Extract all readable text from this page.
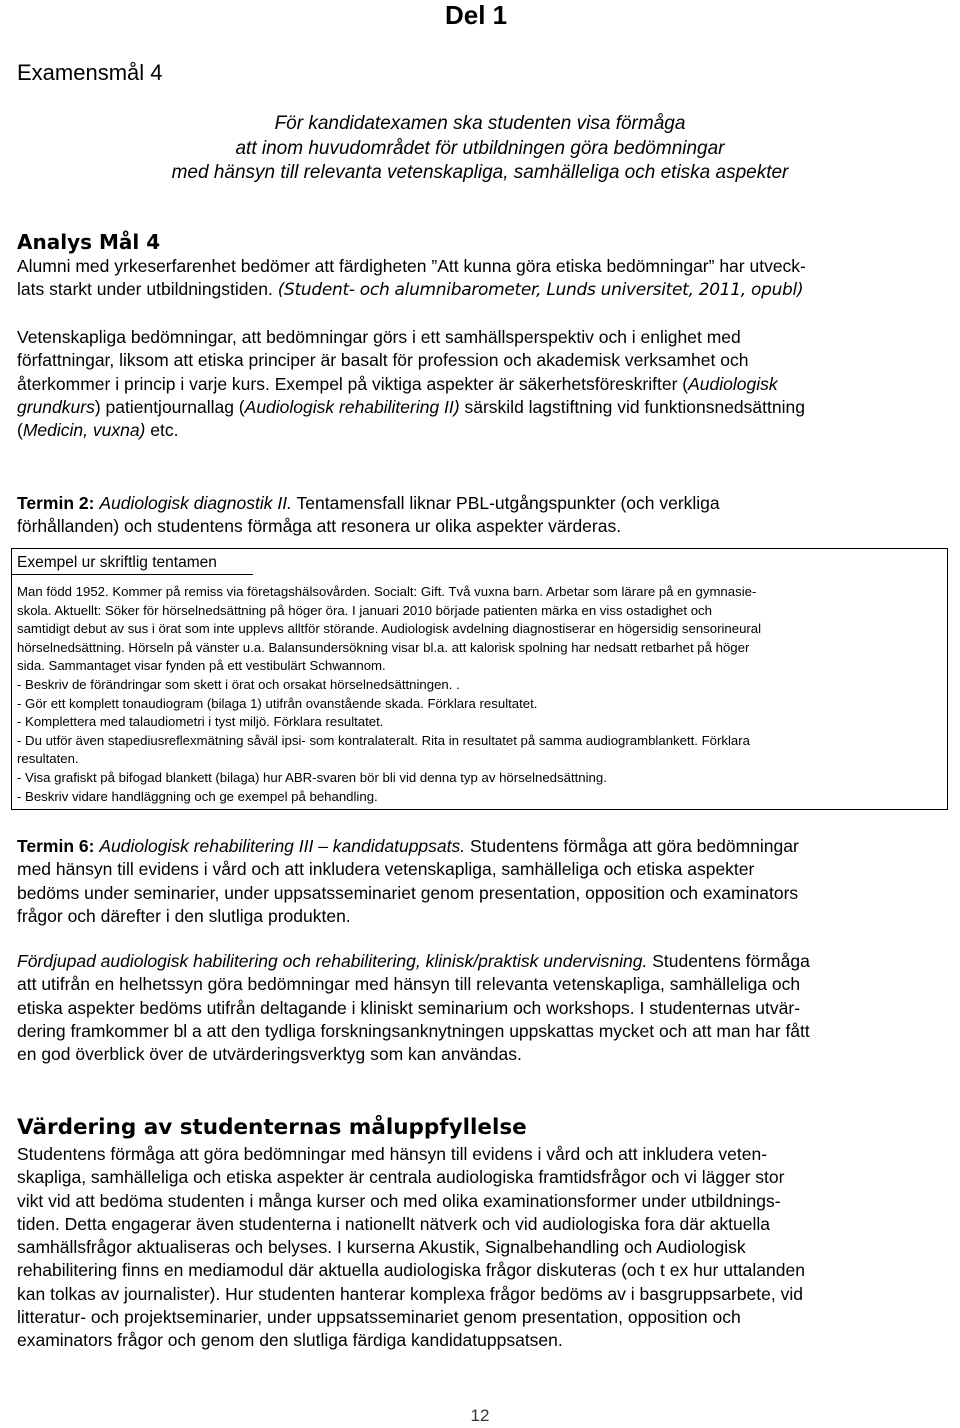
Del 1
Examensmål 4
För kandidatexamen ska studenten visa förmåga
att inom huvudområdet för utbildningen göra bedömningar
med hänsyn till relevanta vetenskapliga, samhälleliga och etiska aspekter
Analys Mål 4
Alumni med yrkeserfarenhet bedömer att färdigheten ”Att kunna göra etiska bedömningar” har utveck-
lats starkt under utbildningstiden. (Student- och alumnibarometer, Lunds universitet, 2011, opubl)
Vetenskapliga bedömningar, att bedömningar görs i ett samhällsperspektiv och i enlighet med
författningar, liksom att etiska principer är basalt för profession och akademisk verksamhet och
återkommer i princip i varje kurs. Exempel på viktiga aspekter är säkerhetsföreskrifter (Audiologisk
grundkurs) patientjournallag (Audiologisk rehabilitering II) särskild lagstiftning vid funktionsnedsättning
(Medicin, vuxna) etc.
Termin 2: Audiologisk diagnostik II. Tentamensfall liknar PBL-utgångspunkter (och verkliga
förhållanden) och studentens förmåga att resonera ur olika aspekter värderas.
Exempel ur skriftlig tentamen
Man född 1952. Kommer på remiss via företagshälsovården. Socialt: Gift. Två vuxna barn. Arbetar som lärare på en gymnasie-
skola. Aktuellt: Söker för hörselnedsättning på höger öra. I januari 2010 började patienten märka en viss ostadighet och
samtidigt debut av sus i örat som inte upplevs alltför störande. Audiologisk avdelning diagnostiserar en högersidig sensorineural
hörselnedsättning. Hörseln på vänster u.a. Balansundersökning visar bl.a. att kalorisk spolning har nedsatt retbarhet på höger
sida. Sammantaget visar fynden på ett vestibulärt Schwannom.
- Beskriv de förändringar som skett i örat och orsakat hörselnedsättningen. .
- Gör ett komplett tonaudiogram (bilaga 1) utifrån ovanstående skada. Förklara resultatet.
- Komplettera med talaudiometri i tyst miljö. Förklara resultatet.
- Du utför även stapediusreflexmätning såväl ipsi- som kontralateralt. Rita in resultatet på samma audiogramblankett. Förklara
resultaten.
- Visa grafiskt på bifogad blankett (bilaga) hur ABR-svaren bör bli vid denna typ av hörselnedsättning.
- Beskriv vidare handläggning och ge exempel på behandling.
Termin 6: Audiologisk rehabilitering III – kandidatuppsats. Studentens förmåga att göra bedömningar
med hänsyn till evidens i vård och att inkludera vetenskapliga, samhälleliga och etiska aspekter
bedöms under seminarier, under uppsatsseminariet genom presentation, opposition och examinators
frågor och därefter i den slutliga produkten.
Fördjupad audiologisk habilitering och rehabilitering, klinisk/praktisk undervisning. Studentens förmåga
att utifrån en helhetssyn göra bedömningar med hänsyn till relevanta vetenskapliga, samhälleliga och
etiska aspekter bedöms utifrån deltagande i kliniskt seminarium och workshops. I studenternas utvär-
dering framkommer bl a att den tydliga forskningsanknytningen uppskattas mycket och att man har fått
en god överblick över de utvärderingsverktyg som kan användas.
Värdering av studenternas måluppfyllelse
Studentens förmåga att göra bedömningar med hänsyn till evidens i vård och att inkludera veten-
skapliga, samhälleliga och etiska aspekter är centrala audiologiska framtidsfrågor och vi lägger stor
vikt vid att bedöma studenten i många kurser och med olika examinationsformer under utbildnings-
tiden. Detta engagerar även studenterna i nationellt nätverk och vid audiologiska fora där aktuella
samhällsfrågor aktualiseras och belyses. I kurserna Akustik, Signalbehandling och Audiologisk
rehabilitering finns en mediamodul där aktuella audiologiska frågor diskuteras (och t ex hur uttalanden
kan tolkas av journalister). Hur studenten hanterar komplexa frågor bedöms av i basgruppsarbete, vid
litteratur- och projektseminarier, under uppsatsseminariet genom presentation, opposition och
examinators frågor och genom den slutliga färdiga kandidatuppsatsen.
12
